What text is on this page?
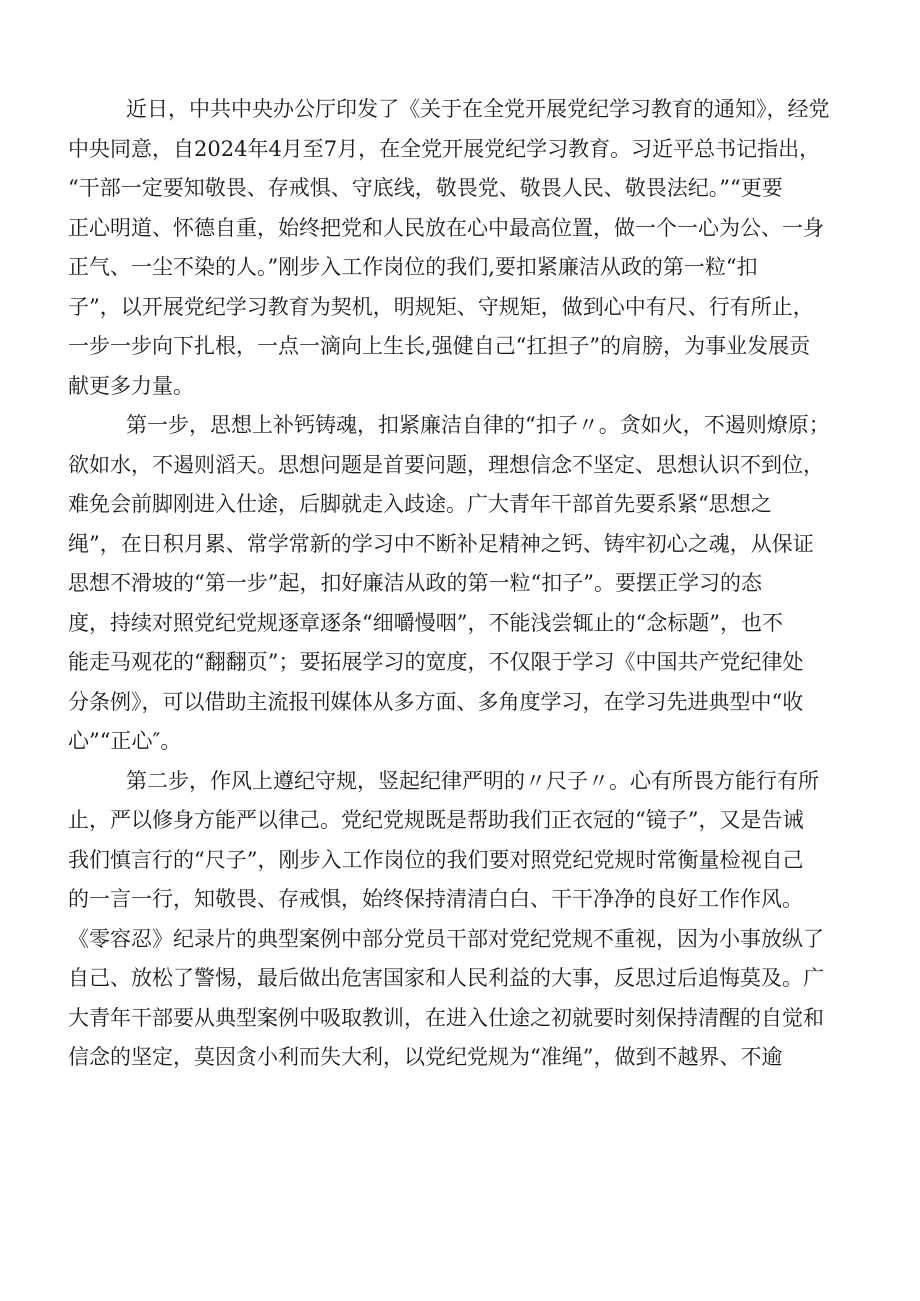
近日，中共中央办公厅印发了《关于在全党开展党纪学习教育的通知》，经党
中央同意，自2024年4月至7月，在全党开展党纪学习教育。习近平总书记指出，
“干部一定要知敬畏、存戒惧、守底线，敬畏党、敬畏人民、敬畏法纪。”“更要
正心明道、怀德自重，始终把党和人民放在心中最高位置，做一个一心为公、一身
正气、一尘不染的人。”刚步入工作岗位的我们,要扣紧廉洁从政的第一粒“扣
子”，以开展党纪学习教育为契机，明规矩、守规矩，做到心中有尺、行有所止，
一步一步向下扎根，一点一滴向上生长,强健自己“扛担子”的肩膀，为事业发展贡
献更多力量。
第一步，思想上补钙铸魂，扣紧廉洁自律的“扣子〃。贪如火，不遏则燎原；
欲如水，不遏则滔天。思想问题是首要问题，理想信念不坚定、思想认识不到位，
难免会前脚刚进入仕途，后脚就走入歧途。广大青年干部首先要系紧“思想之
绳”，在日积月累、常学常新的学习中不断补足精神之钙、铸牢初心之魂，从保证
思想不滑坡的“第一步”起，扣好廉洁从政的第一粒“扣子”。要摆正学习的态
度，持续对照党纪党规逐章逐条“细嚼慢咽”，不能浅尝辄止的“念标题”，也不
能走马观花的“翻翻页”；要拓展学习的宽度，不仅限于学习《中国共产党纪律处
分条例》，可以借助主流报刊媒体从多方面、多角度学习，在学习先进典型中“收
心”“正心″。
第二步，作风上遵纪守规，竖起纪律严明的〃尺子〃。心有所畏方能行有所
止，严以修身方能严以律己。党纪党规既是帮助我们正衣冠的“镜子”，又是告诫
我们慎言行的“尺子”，刚步入工作岗位的我们要对照党纪党规时常衡量检视自己
的一言一行，知敬畏、存戒惧，始终保持清清白白、干干净净的良好工作作风。
《零容忍》纪录片的典型案例中部分党员干部对党纪党规不重视，因为小事放纵了
自己、放松了警惕，最后做出危害国家和人民利益的大事，反思过后追悔莫及。广
大青年干部要从典型案例中吸取教训，在进入仕途之初就要时刻保持清醒的自觉和
信念的坚定，莫因贪小利而失大利，以党纪党规为“准绳”，做到不越界、不逾
